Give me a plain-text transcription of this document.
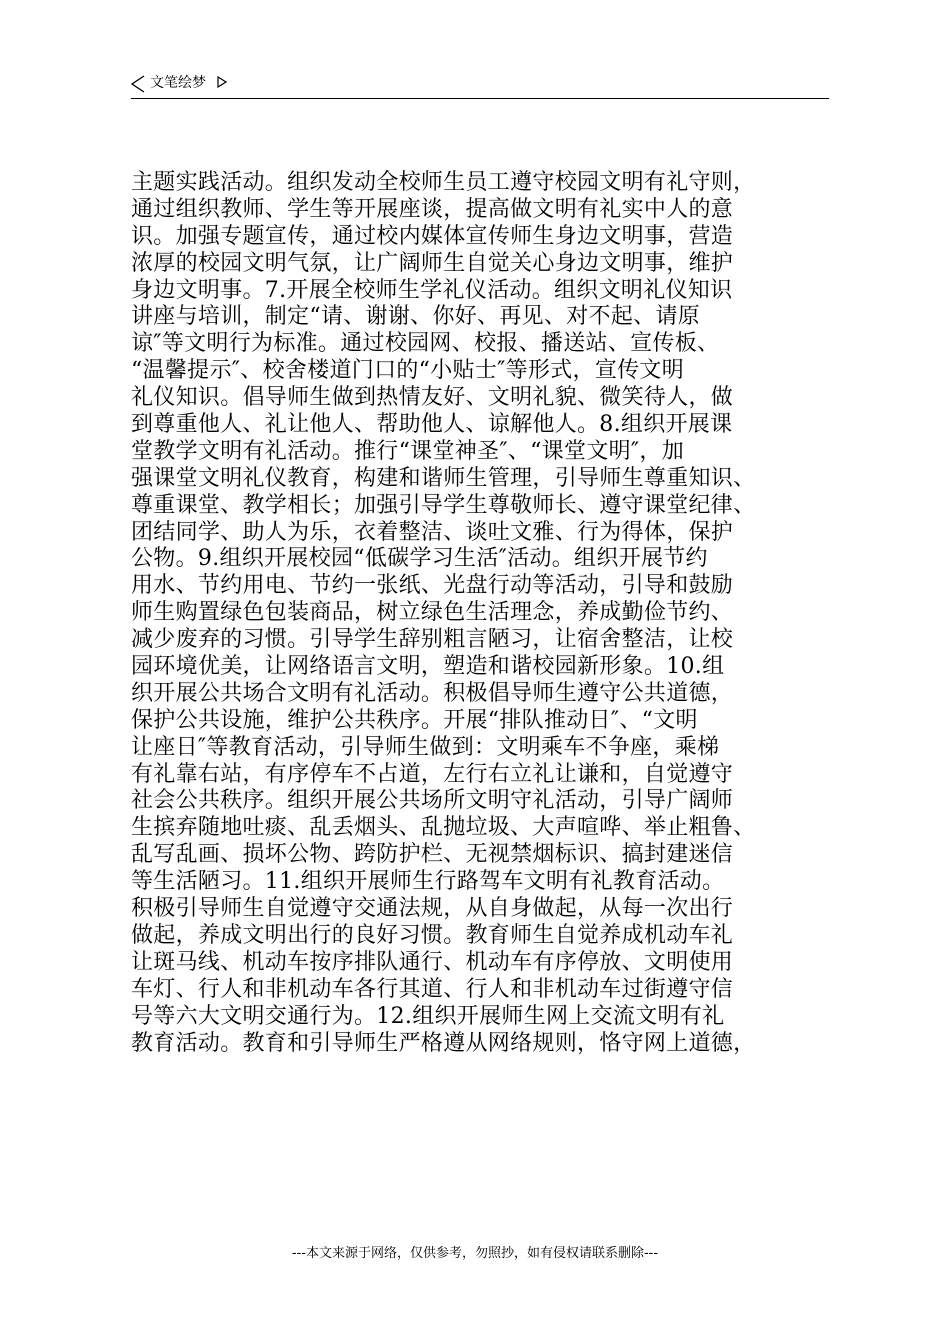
文笔绘梦
主题实践活动。组织发动全校师生员工遵守校园文明有礼守则，
通过组织教师、学生等开展座谈，提高做文明有礼实中人的意
识。加强专题宣传，通过校内媒体宣传师生身边文明事，营造
浓厚的校园文明气氛，让广阔师生自觉关心身边文明事，维护
身边文明事。7.开展全校师生学礼仪活动。组织文明礼仪知识
讲座与培训，制定“请、谢谢、你好、再见、对不起、请原
谅″等文明行为标准。通过校园网、校报、播送站、宣传板、
“温馨提示″、校舍楼道门口的“小贴士″等形式，宣传文明
礼仪知识。倡导师生做到热情友好、文明礼貌、微笑待人，做
到尊重他人、礼让他人、帮助他人、谅解他人。8.组织开展课
堂教学文明有礼活动。推行“课堂神圣″、“课堂文明″，加
强课堂文明礼仪教育，构建和谐师生管理，引导师生尊重知识、
尊重课堂、教学相长；加强引导学生尊敬师长、遵守课堂纪律、
团结同学、助人为乐，衣着整洁、谈吐文雅、行为得体，保护
公物。9.组织开展校园“低碳学习生活″活动。组织开展节约
用水、节约用电、节约一张纸、光盘行动等活动，引导和鼓励
师生购置绿色包装商品，树立绿色生活理念，养成勤俭节约、
减少废弃的习惯。引导学生辞别粗言陋习，让宿舍整洁，让校
园环境优美，让网络语言文明，塑造和谐校园新形象。10.组
织开展公共场合文明有礼活动。积极倡导师生遵守公共道德，
保护公共设施，维护公共秩序。开展“排队推动日″、“文明
让座日″等教育活动，引导师生做到：文明乘车不争座，乘梯
有礼靠右站，有序停车不占道，左行右立礼让谦和，自觉遵守
社会公共秩序。组织开展公共场所文明守礼活动，引导广阔师
生摈弃随地吐痰、乱丢烟头、乱抛垃圾、大声喧哗、举止粗鲁、
乱写乱画、损坏公物、跨防护栏、无视禁烟标识、搞封建迷信
等生活陋习。11.组织开展师生行路驾车文明有礼教育活动。
积极引导师生自觉遵守交通法规，从自身做起，从每一次出行
做起，养成文明出行的良好习惯。教育师生自觉养成机动车礼
让斑马线、机动车按序排队通行、机动车有序停放、文明使用
车灯、行人和非机动车各行其道、行人和非机动车过街遵守信
号等六大文明交通行为。12.组织开展师生网上交流文明有礼
教育活动。教育和引导师生严格遵从网络规则，恪守网上道德，
---本文来源于网络，仅供参考，勿照抄，如有侵权请联系删除---
